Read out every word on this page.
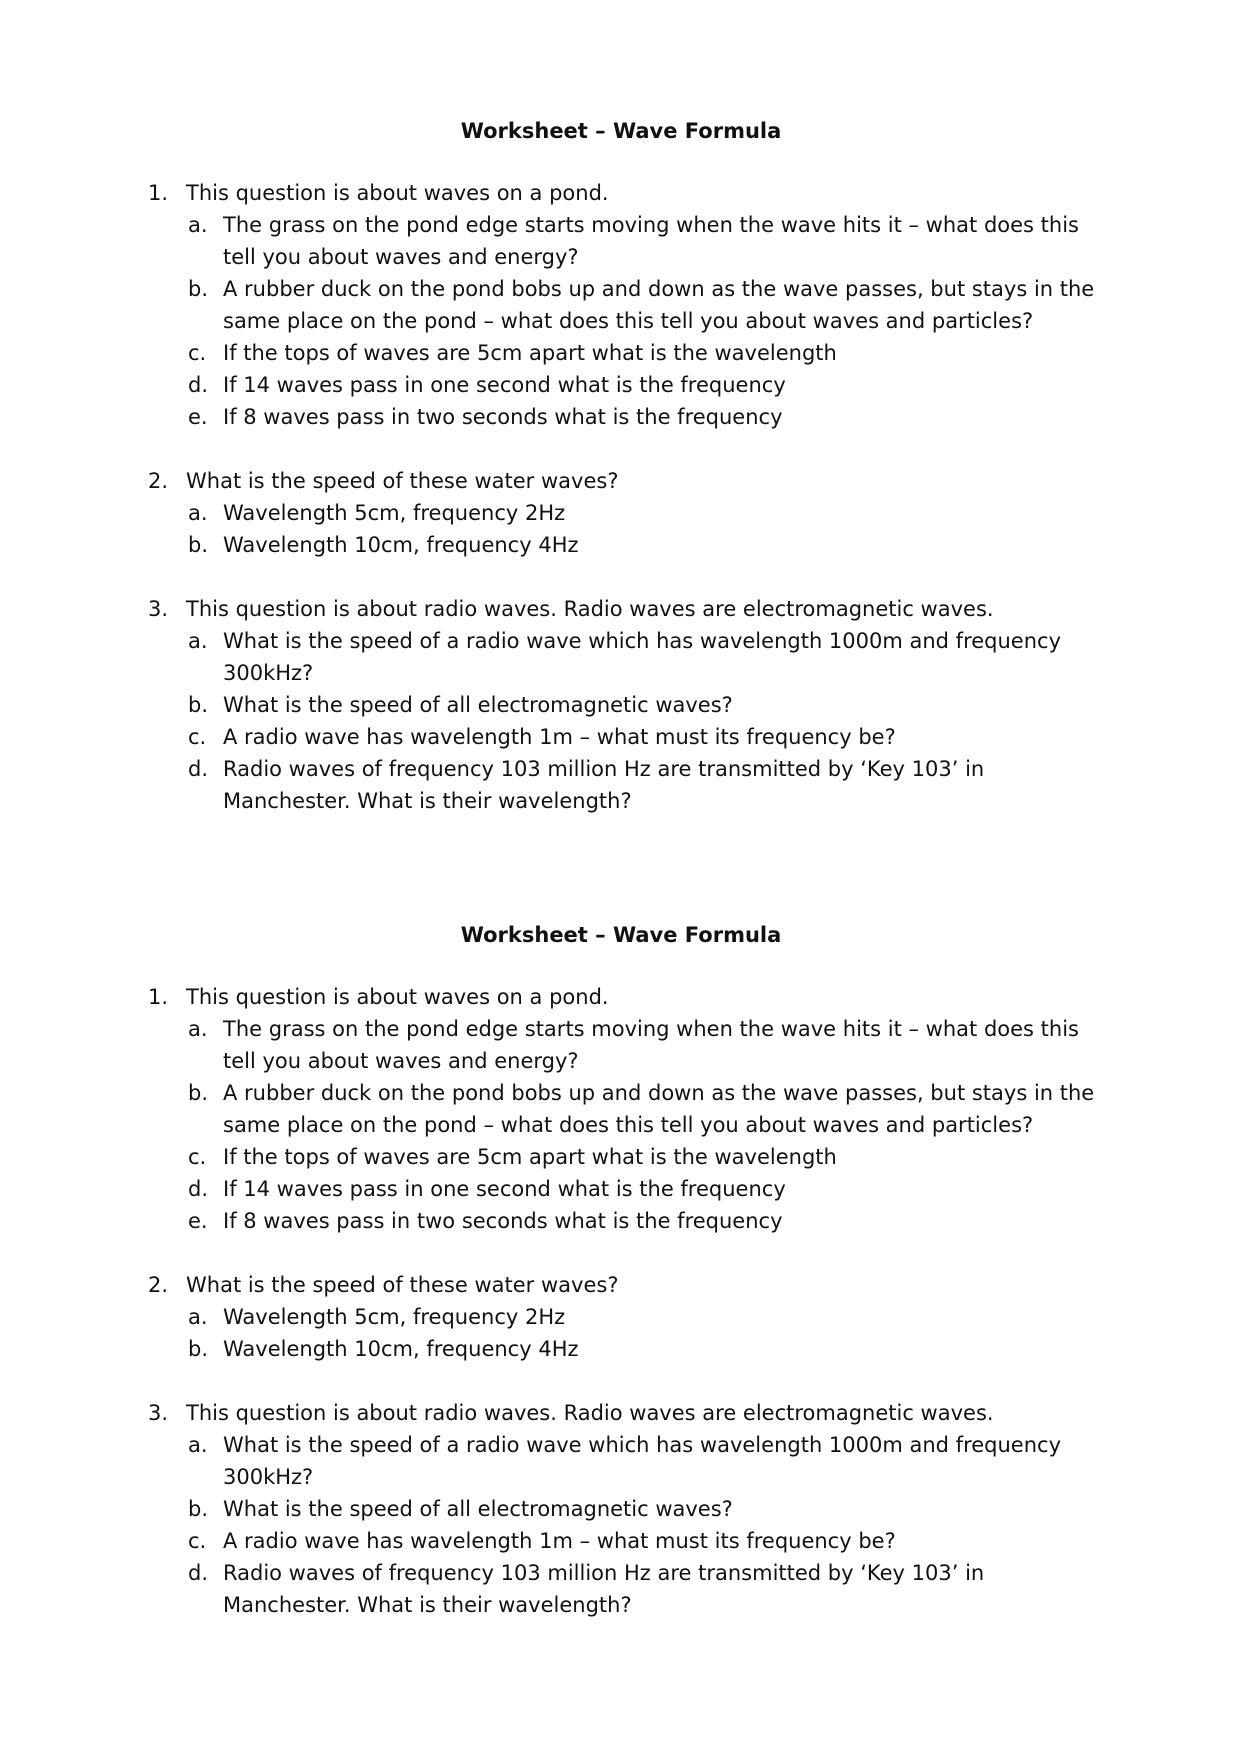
Worksheet – Wave Formula
1. This question is about waves on a pond.
a. The grass on the pond edge starts moving when the wave hits it – what does this tell you about waves and energy?
b. A rubber duck on the pond bobs up and down as the wave passes, but stays in the same place on the pond – what does this tell you about waves and particles?
c. If the tops of waves are 5cm apart what is the wavelength
d. If 14 waves pass in one second what is the frequency
e. If 8 waves pass in two seconds what is the frequency
2. What is the speed of these water waves?
a. Wavelength 5cm, frequency 2Hz
b. Wavelength 10cm, frequency 4Hz
3. This question is about radio waves. Radio waves are electromagnetic waves.
a. What is the speed of a radio wave which has wavelength 1000m and frequency 300kHz?
b. What is the speed of all electromagnetic waves?
c. A radio wave has wavelength 1m – what must its frequency be?
d. Radio waves of frequency 103 million Hz are transmitted by ‘Key 103’ in Manchester. What is their wavelength?
Worksheet – Wave Formula
1. This question is about waves on a pond.
a. The grass on the pond edge starts moving when the wave hits it – what does this tell you about waves and energy?
b. A rubber duck on the pond bobs up and down as the wave passes, but stays in the same place on the pond – what does this tell you about waves and particles?
c. If the tops of waves are 5cm apart what is the wavelength
d. If 14 waves pass in one second what is the frequency
e. If 8 waves pass in two seconds what is the frequency
2. What is the speed of these water waves?
a. Wavelength 5cm, frequency 2Hz
b. Wavelength 10cm, frequency 4Hz
3. This question is about radio waves. Radio waves are electromagnetic waves.
a. What is the speed of a radio wave which has wavelength 1000m and frequency 300kHz?
b. What is the speed of all electromagnetic waves?
c. A radio wave has wavelength 1m – what must its frequency be?
d. Radio waves of frequency 103 million Hz are transmitted by ‘Key 103’ in Manchester. What is their wavelength?
